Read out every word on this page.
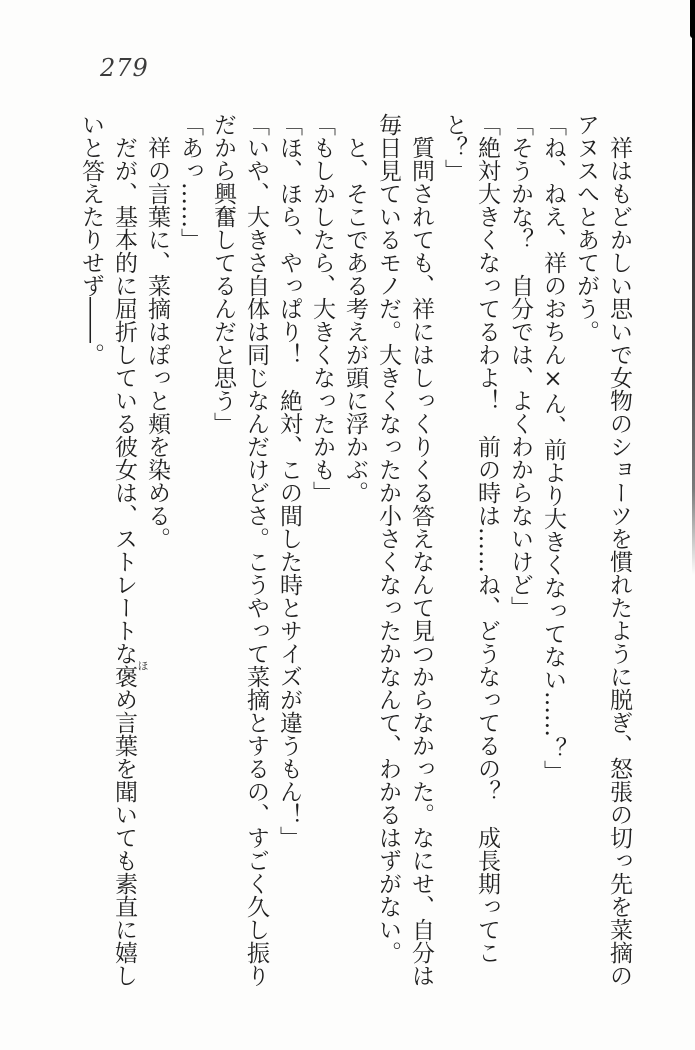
279
　祥はもどかしい思いで女物のショーツを慣れたように脱ぎ、怒張の切っ先を菜摘の
アヌスへとあてがう。
「ね、ねえ、祥のおちん×ん、前より大きくなってない……？」
「そうかな？　自分では、よくわからないけど」
「絶対大きくなってるわよ！　前の時は……ね、どうなってるの？　成長期ってこ
と？」
　質問されても、祥にはしっくりくる答えなんて見つからなかった。なにせ、自分は
毎日見ているモノだ。大きくなったか小さくなったかなんて、わかるはずがない。
　と、そこである考えが頭に浮かぶ。
「もしかしたら、大きくなったかも」
「ほ、ほら、やっぱり！　絶対、この間した時とサイズが違うもん！」
「いや、大きさ自体は同じなんだけどさ。こうやって菜摘とするの、すごく久し振り
だから興奮してるんだと思う」
「あっ……」
　祥の言葉に、菜摘はぽっと頬を染める。
　だが、基本的に屈折している彼女は、ストレートな褒め言葉を聞いても素直に嬉し
いと答えたりせず――。
ほ
